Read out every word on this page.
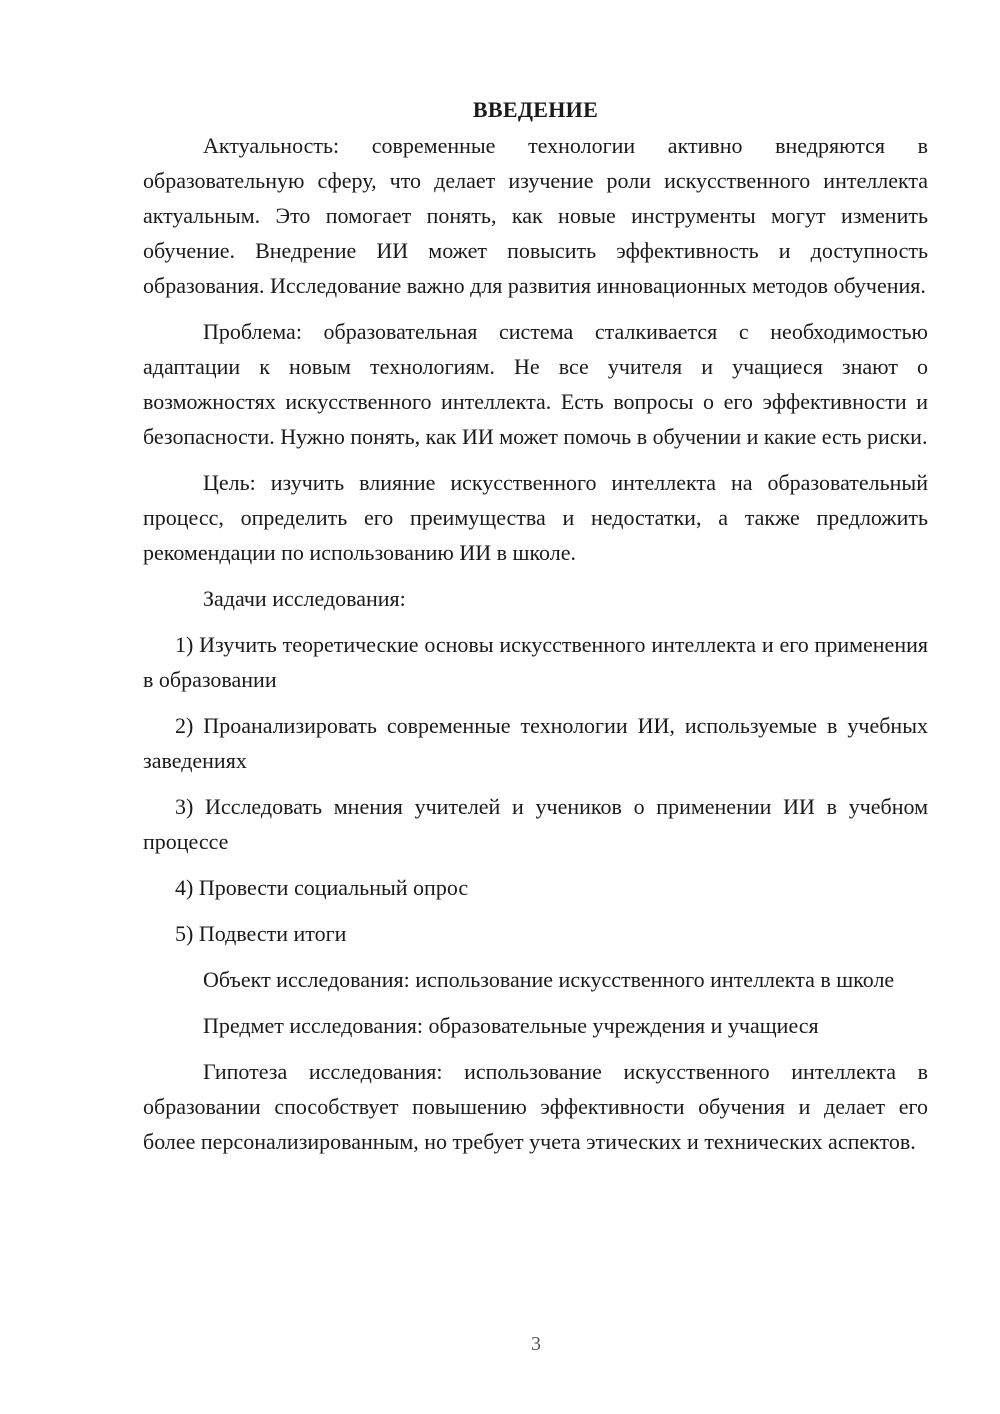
ВВЕДЕНИЕ

Актуальность: современные технологии активно внедряются в образовательную сферу, что делает изучение роли искусственного интеллекта актуальным. Это помогает понять, как новые инструменты могут изменить обучение. Внедрение ИИ может повысить эффективность и доступность образования. Исследование важно для развития инновационных методов обучения.

Проблема: образовательная система сталкивается с необходимостью адаптации к новым технологиям. Не все учителя и учащиеся знают о возможностях искусственного интеллекта. Есть вопросы о его эффективности и безопасности. Нужно понять, как ИИ может помочь в обучении и какие есть риски.

Цель: изучить влияние искусственного интеллекта на образовательный процесс, определить его преимущества и недостатки, а также предложить рекомендации по использованию ИИ в школе.

Задачи исследования:

1) Изучить теоретические основы искусственного интеллекта и его применения в образовании

2) Проанализировать современные технологии ИИ, используемые в учебных заведениях

3) Исследовать мнения учителей и учеников о применении ИИ в учебном процессе

4) Провести социальный опрос

5) Подвести итоги

Объект исследования: использование искусственного интеллекта в школе

Предмет исследования: образовательные учреждения и учащиеся

Гипотеза исследования: использование искусственного интеллекта в образовании способствует повышению эффективности обучения и делает его более персонализированным, но требует учета этических и технических аспектов.

3
